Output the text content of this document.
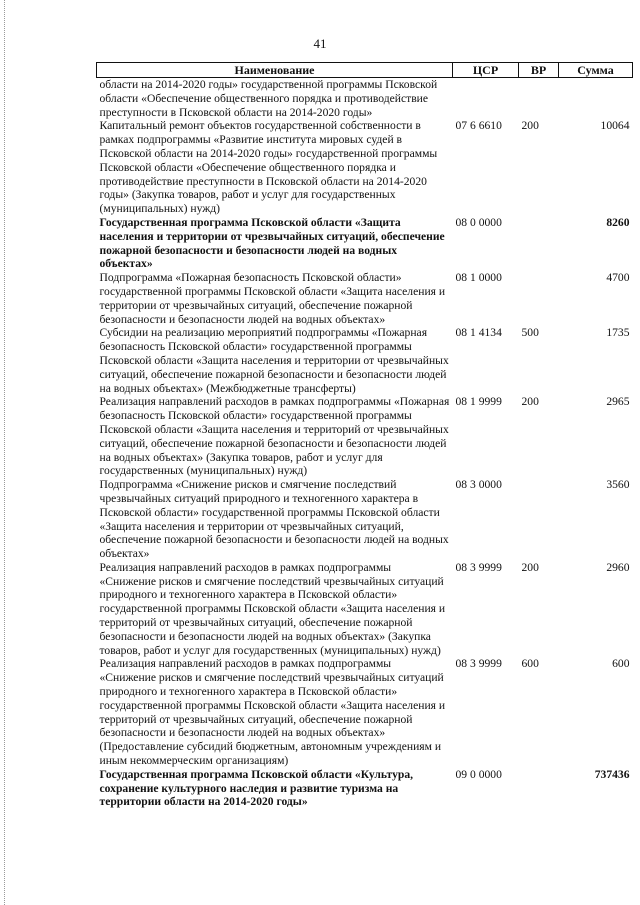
41
Наименование	ЦСР	ВР	Сумма
области на 2014-2020 годы» государственной программы Псковской области «Обеспечение общественного порядка и противодействие преступности в Псковской области на 2014-2020 годы»			
Капитальный ремонт объектов государственной собственности в рамках подпрограммы «Развитие института мировых судей в Псковской области на 2014-2020 годы» государственной программы Псковской области «Обеспечение общественного порядка и противодействие преступности в Псковской области на 2014-2020 годы» (Закупка товаров, работ и услуг для государственных (муниципальных) нужд)	07 6 6610	200	10064
Государственная программа Псковской области «Защита населения и территории от чрезвычайных ситуаций, обеспечение пожарной безопасности и безопасности людей на водных объектах»	08 0 0000		8260
Подпрограмма «Пожарная безопасность Псковской области» государственной программы Псковской области «Защита населения и территории от чрезвычайных ситуаций, обеспечение пожарной безопасности и безопасности людей на водных объектах»	08 1 0000		4700
Субсидии на реализацию мероприятий подпрограммы «Пожарная безопасность Псковской области» государственной программы Псковской области «Защита населения и территории от чрезвычайных ситуаций, обеспечение пожарной безопасности и безопасности людей на водных объектах» (Межбюджетные трансферты)	08 1 4134	500	1735
Реализация направлений расходов в рамках подпрограммы «Пожарная безопасность Псковской области» государственной программы Псковской области «Защита населения и территорий от чрезвычайных ситуаций, обеспечение пожарной безопасности и безопасности людей на водных объектах» (Закупка товаров, работ и услуг для государственных (муниципальных) нужд)	08 1 9999	200	2965
Подпрограмма «Снижение рисков и смягчение последствий чрезвычайных ситуаций природного и техногенного характера в Псковской области» государственной программы Псковской области «Защита населения и территории от чрезвычайных ситуаций, обеспечение пожарной безопасности и безопасности людей на водных объектах»	08 3 0000		3560
Реализация направлений расходов в рамках подпрограммы «Снижение рисков и смягчение последствий чрезвычайных ситуаций природного и техногенного характера в Псковской области» государственной программы Псковской области «Защита населения и территорий от чрезвычайных ситуаций, обеспечение пожарной безопасности и безопасности людей на водных объектах» (Закупка товаров, работ и услуг для государственных (муниципальных) нужд)	08 3 9999	200	2960
Реализация направлений расходов в рамках подпрограммы «Снижение рисков и смягчение последствий чрезвычайных ситуаций природного и техногенного характера в Псковской области» государственной программы Псковской области «Защита населения и территорий от чрезвычайных ситуаций, обеспечение пожарной безопасности и безопасности людей на водных объектах» (Предоставление субсидий бюджетным, автономным учреждениям и иным некоммерческим организациям)	08 3 9999	600	600
Государственная программа Псковской области «Культура, сохранение культурного наследия и развитие туризма на территории области на 2014-2020 годы»	09 0 0000		737436
